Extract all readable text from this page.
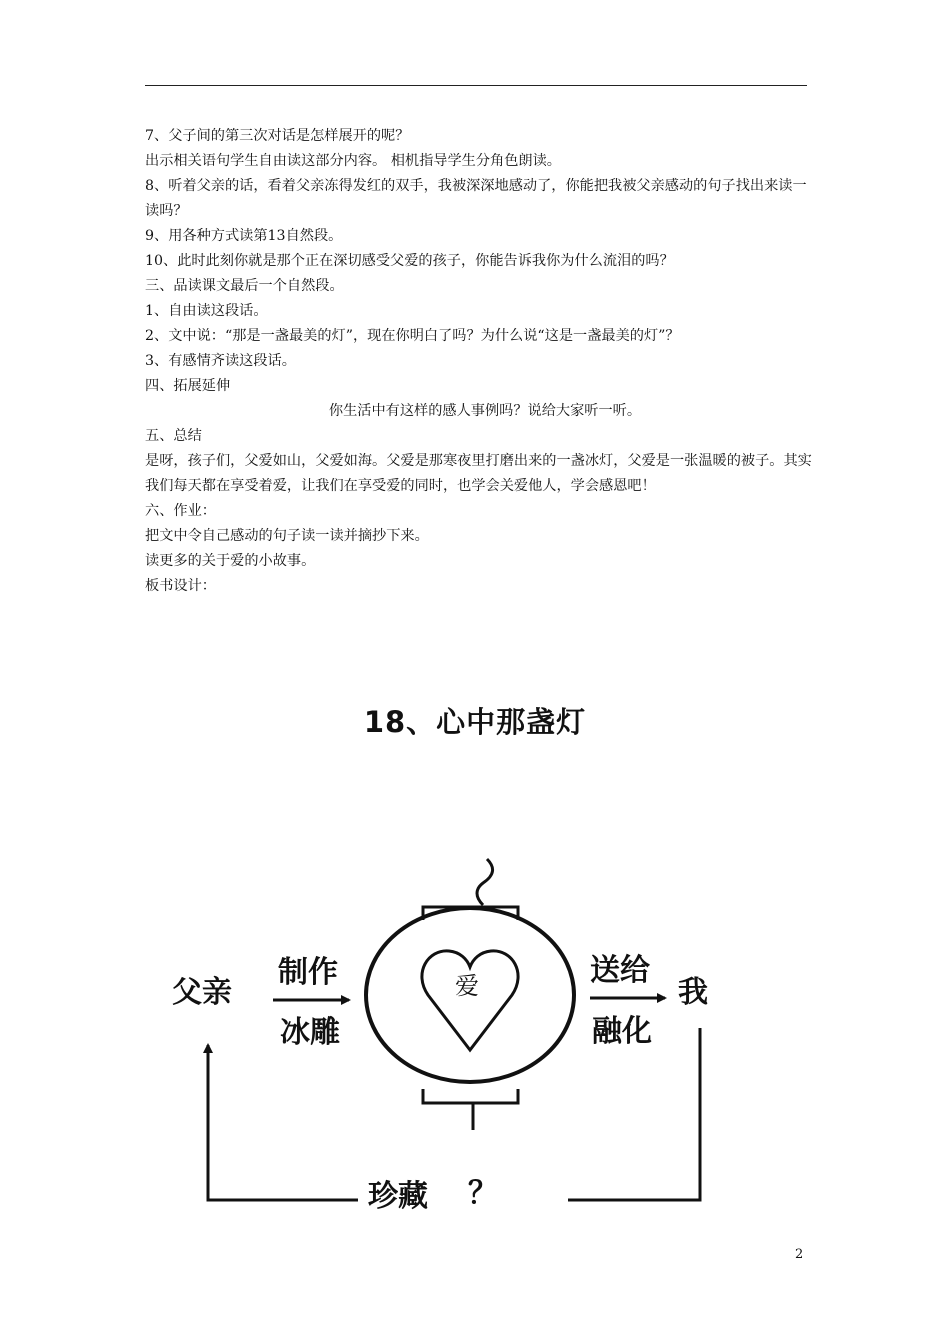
7、父子间的第三次对话是怎样展开的呢？

出示相关语句学生自由读这部分内容。 相机指导学生分角色朗读。

8、听着父亲的话，看着父亲冻得发红的双手，我被深深地感动了，你能把我被父亲感动的句子找出来读一读吗？

9、用各种方式读第13自然段。

10、此时此刻你就是那个正在深切感受父爱的孩子，你能告诉我你为什么流泪的吗？

三、品读课文最后一个自然段。

1、自由读这段话。

2、文中说：“那是一盏最美的灯”，现在你明白了吗？为什么说“这是一盏最美的灯”？

3、有感情齐读这段话。

四、拓展延伸

你生活中有这样的感人事例吗？说给大家听一听。

五、总结

是呀，孩子们，父爱如山，父爱如海。父爱是那寒夜里打磨出来的一盏冰灯，父爱是一张温暖的被子。其实我们每天都在享受着爱，让我们在享受爱的同时，也学会关爱他人，学会感恩吧！

六、作业：

把文中令自己感动的句子读一读并摘抄下来。

读更多的关于爱的小故事。

板书设计：

18、心中那盏灯
父亲
制作
冰雕
爱	送给
我
融化
珍藏 ？
2
